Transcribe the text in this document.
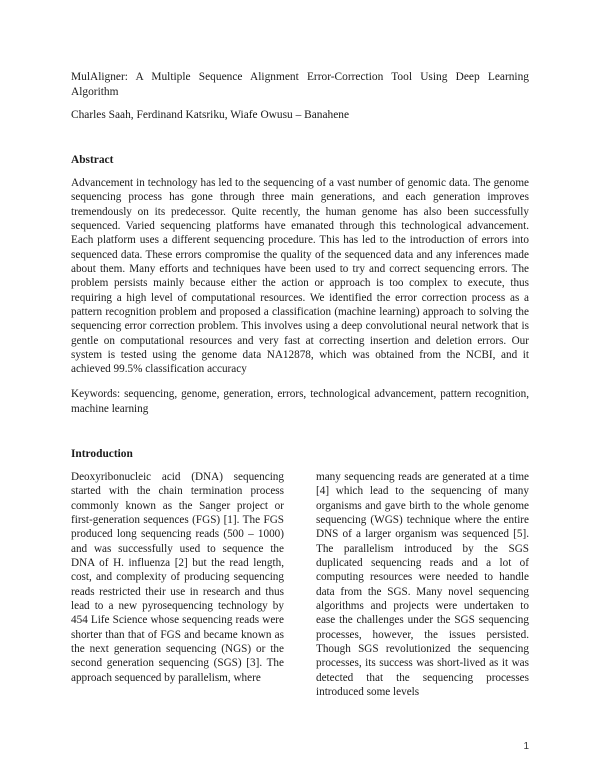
MulAligner: A Multiple Sequence Alignment Error-Correction Tool Using Deep Learning Algorithm
Charles Saah, Ferdinand Katsriku, Wiafe Owusu – Banahene
Abstract

Advancement in technology has led to the sequencing of a vast number of genomic data. The genome sequencing process has gone through three main generations, and each generation improves tremendously on its predecessor. Quite recently, the human genome has also been successfully sequenced. Varied sequencing platforms have emanated through this technological advancement. Each platform uses a different sequencing procedure. This has led to the introduction of errors into sequenced data. These errors compromise the quality of the sequenced data and any inferences made about them. Many efforts and techniques have been used to try and correct sequencing errors. The problem persists mainly because either the action or approach is too complex to execute, thus requiring a high level of computational resources. We identified the error correction process as a pattern recognition problem and proposed a classification (machine learning) approach to solving the sequencing error correction problem. This involves using a deep convolutional neural network that is gentle on computational resources and very fast at correcting insertion and deletion errors. Our system is tested using the genome data NA12878, which was obtained from the NCBI, and it achieved 99.5% classification accuracy

Keywords: sequencing, genome, generation, errors, technological advancement, pattern recognition, machine learning

Introduction

Deoxyribonucleic acid (DNA) sequencing started with the chain termination process commonly known as the Sanger project or first-generation sequences (FGS) [1]. The FGS produced long sequencing reads (500 – 1000) and was successfully used to sequence the DNA of H. influenza [2] but the read length, cost, and complexity of producing sequencing reads restricted their use in research and thus lead to a new pyrosequencing technology by 454 Life Science whose sequencing reads were shorter than that of FGS and became known as the next generation sequencing (NGS) or the second generation sequencing (SGS) [3]. The approach sequenced by parallelism, where

many sequencing reads are generated at a time [4] which lead to the sequencing of many organisms and gave birth to the whole genome sequencing (WGS) technique where the entire DNS of a larger organism was sequenced [5]. The parallelism introduced by the SGS duplicated sequencing reads and a lot of computing resources were needed to handle data from the SGS. Many novel sequencing algorithms and projects were undertaken to ease the challenges under the SGS sequencing processes, however, the issues persisted. Though SGS revolutionized the sequencing processes, its success was short-lived as it was detected that the sequencing processes introduced some levels

1
